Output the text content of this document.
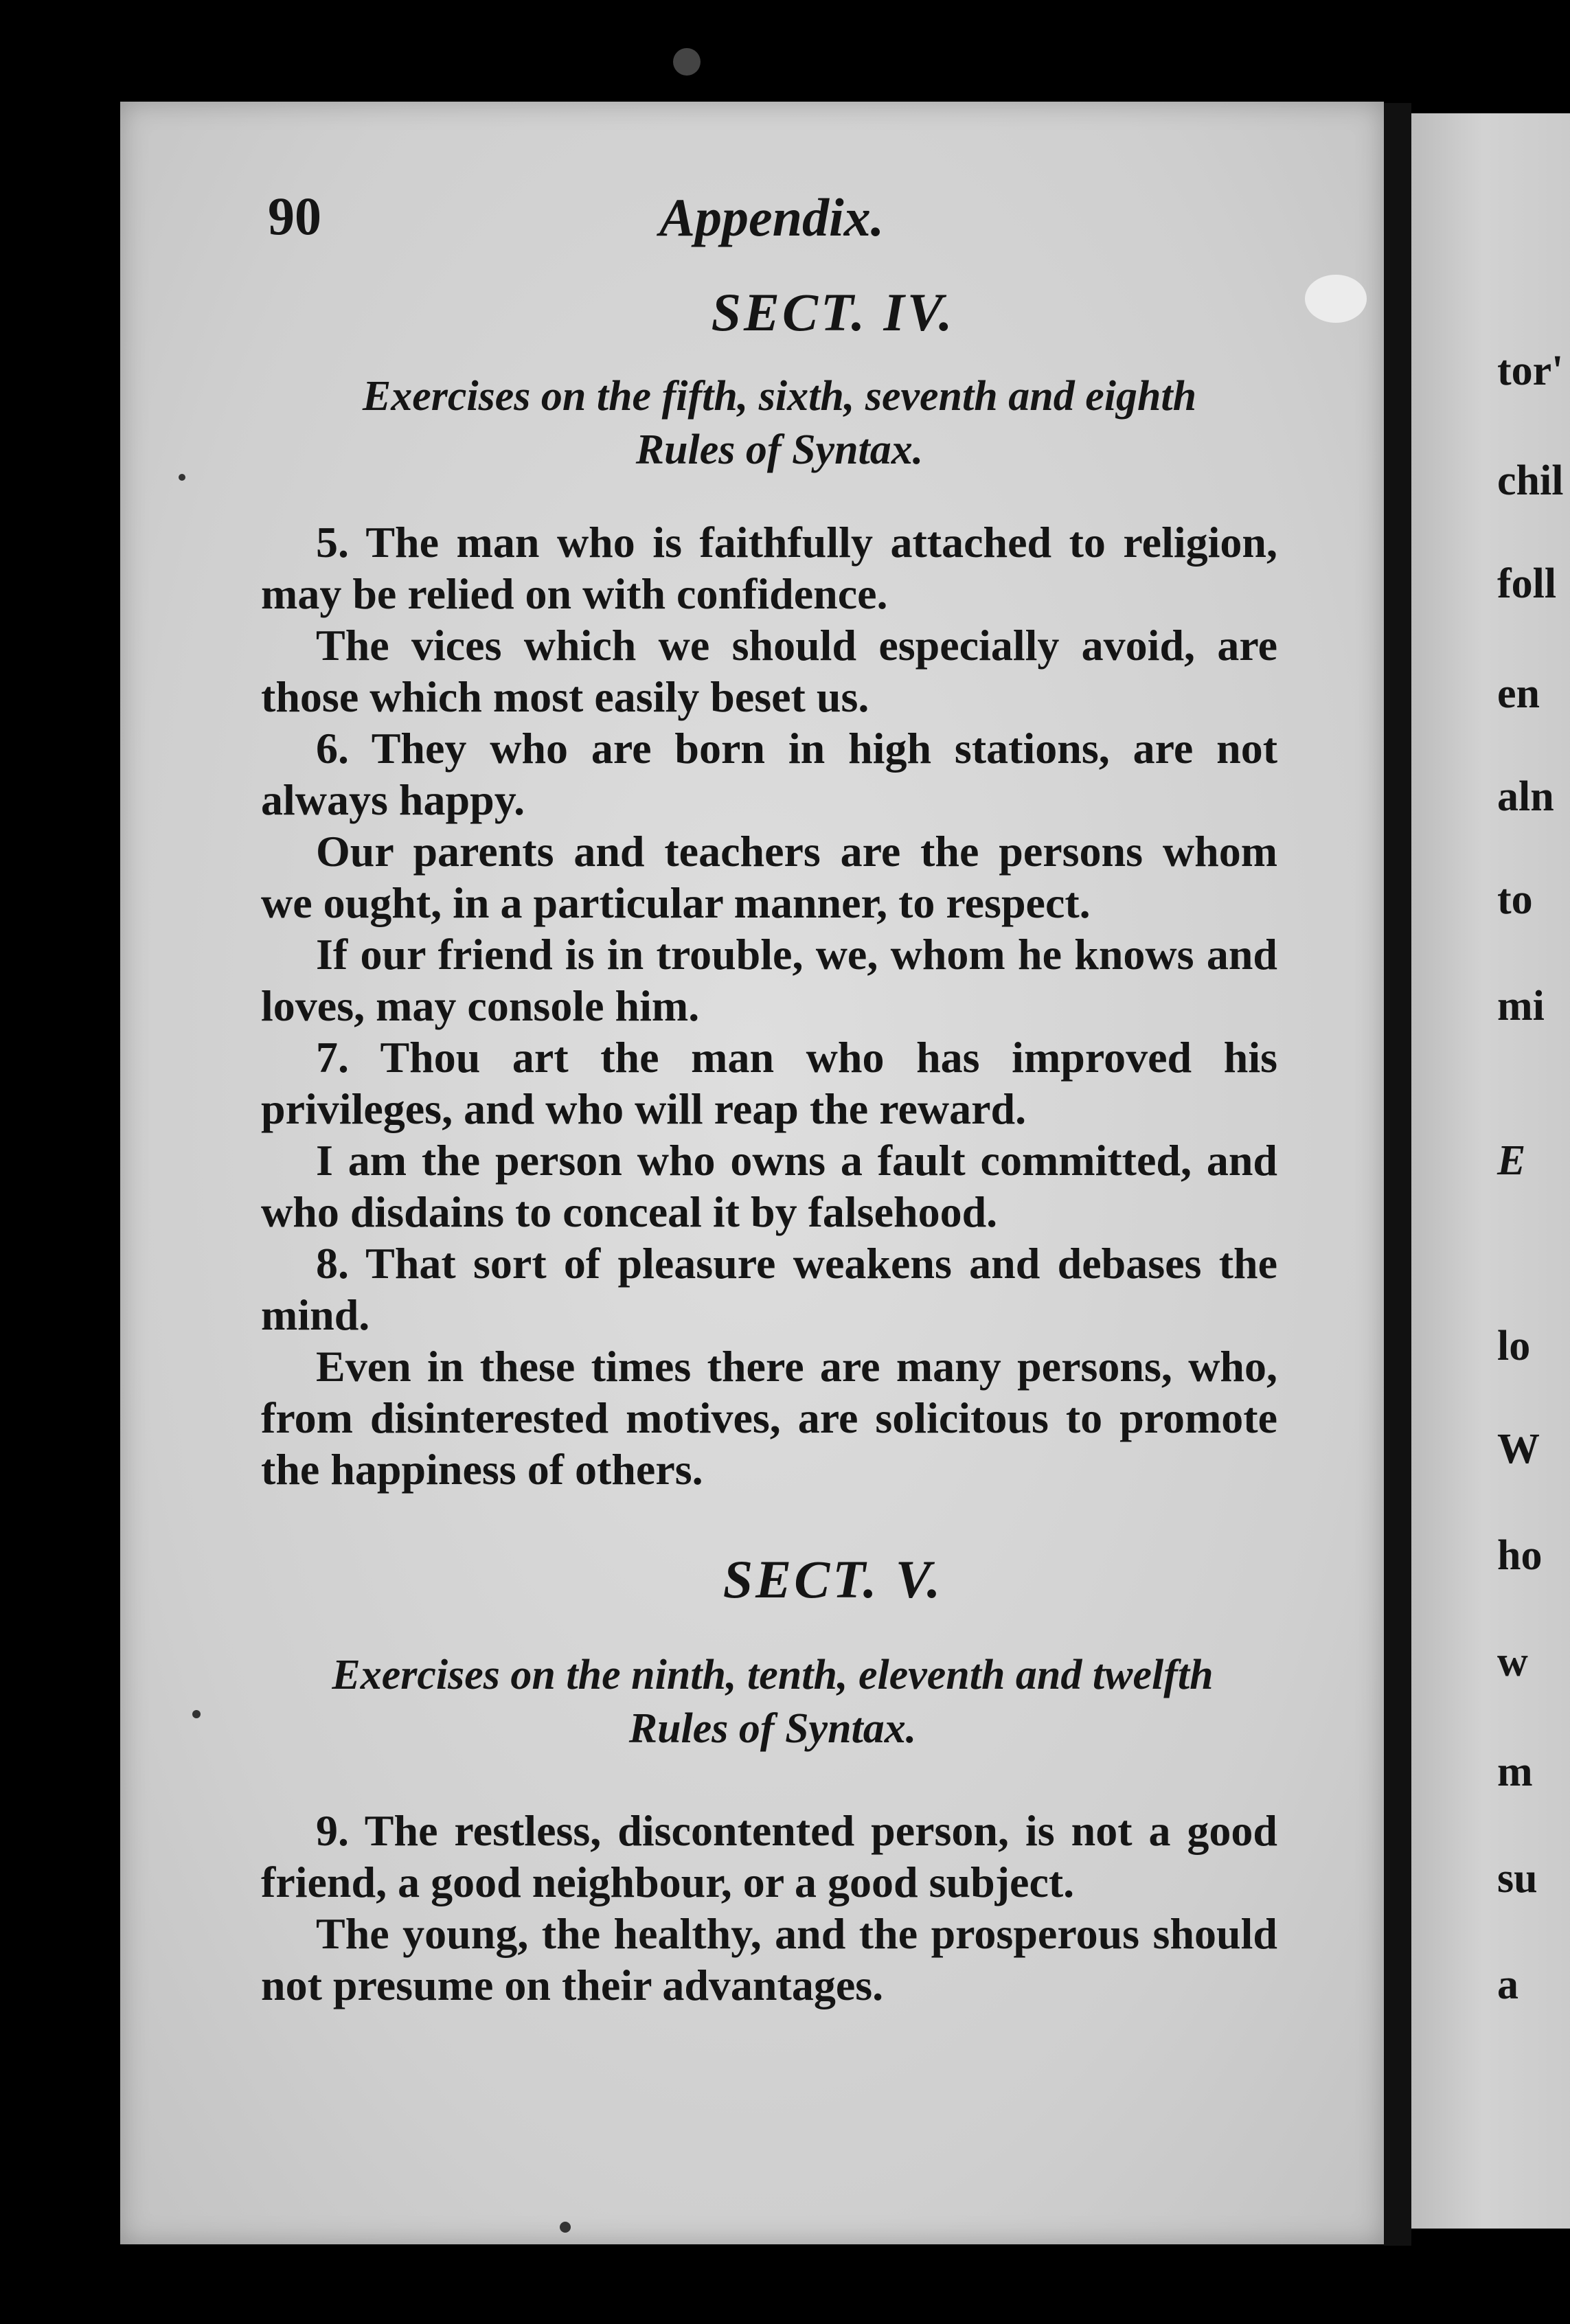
90	Appendix.
SECT. IV.
Exercises on the fifth, sixth, seventh and eighth
Rules of Syntax.

5. The man who is faithfully attached to religion, may be relied on with confidence.

The vices which we should especially avoid, are those which most easily beset us.

6. They who are born in high stations, are not always happy.

Our parents and teachers are the persons whom we ought, in a particular manner, to respect.

If our friend is in trouble, we, whom he knows and loves, may console him.

7. Thou art the man who has improved his privileges, and who will reap the reward.

I am the person who owns a fault committed, and who disdains to conceal it by falsehood.

8. That sort of pleasure weakens and debases the mind.

Even in these times there are many persons, who, from disinterested motives, are solicitous to promote the happiness of others.

SECT. V.
Exercises on the ninth, tenth, eleventh and twelfth
Rules of Syntax.

9. The restless, discontented person, is not a good friend, a good neighbour, or a good subject.

The young, the healthy, and the prosperous should not presume on their advantages.

tor'
chil
foll
en
aln
to
mi
E
lo
W
ho
w
m
su
a
